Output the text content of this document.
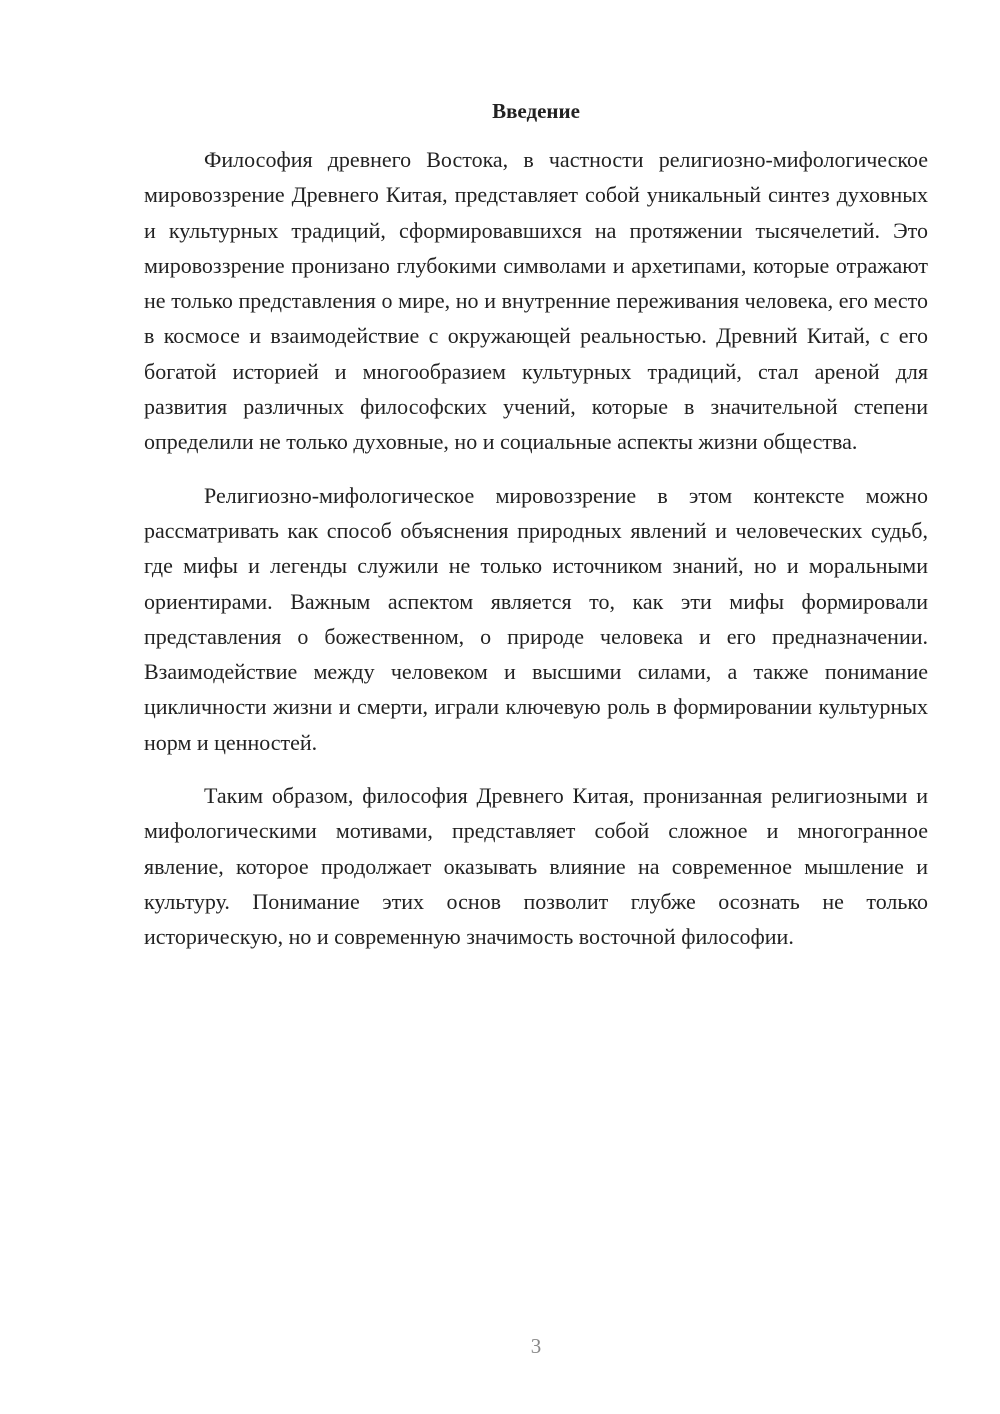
Введение

Философия древнего Востока, в частности религиозно-мифологическое мировоззрение Древнего Китая, представляет собой уникальный синтез духовных и культурных традиций, сформировавшихся на протяжении тысячелетий. Это мировоззрение пронизано глубокими символами и архетипами, которые отражают не только представления о мире, но и внутренние переживания человека, его место в космосе и взаимодействие с окружающей реальностью. Древний Китай, с его богатой историей и многообразием культурных традиций, стал ареной для развития различных философских учений, которые в значительной степени определили не только духовные, но и социальные аспекты жизни общества.

Религиозно-мифологическое мировоззрение в этом контексте можно рассматривать как способ объяснения природных явлений и человеческих судьб, где мифы и легенды служили не только источником знаний, но и моральными ориентирами. Важным аспектом является то, как эти мифы формировали представления о божественном, о природе человека и его предназначении. Взаимодействие между человеком и высшими силами, а также понимание цикличности жизни и смерти, играли ключевую роль в формировании культурных норм и ценностей.

Таким образом, философия Древнего Китая, пронизанная религиозными и мифологическими мотивами, представляет собой сложное и многогранное явление, которое продолжает оказывать влияние на современное мышление и культуру. Понимание этих основ позволит глубже осознать не только историческую, но и современную значимость восточной философии.

3
